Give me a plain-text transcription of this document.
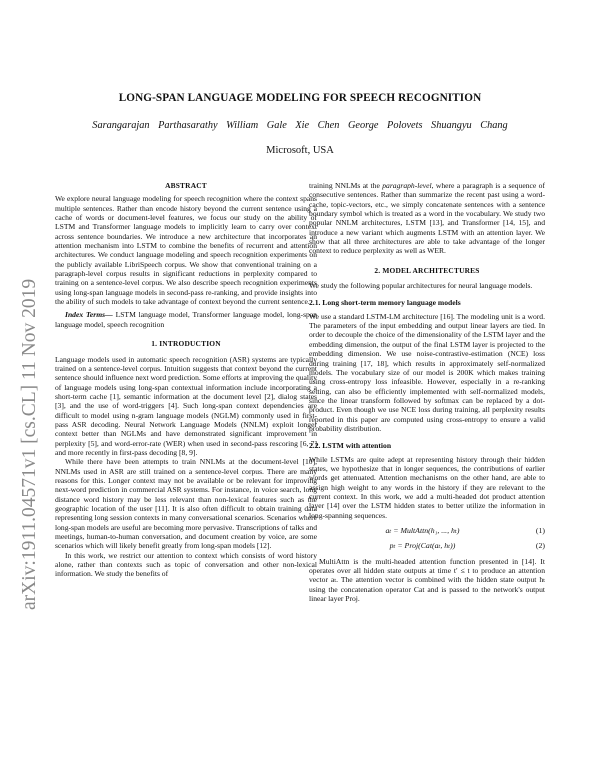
arXiv:1911.04571v1 [cs.CL] 11 Nov 2019
LONG-SPAN LANGUAGE MODELING FOR SPEECH RECOGNITION
Sarangarajan Parthasarathy William Gale Xie Chen George Polovets Shuangyu Chang
Microsoft, USA
ABSTRACT

We explore neural language modeling for speech recognition where the context spans multiple sentences. Rather than encode history beyond the current sentence using a cache of words or document-level features, we focus our study on the ability of LSTM and Transformer language models to implicitly learn to carry over context across sentence boundaries. We introduce a new architecture that incorporates an attention mechanism into LSTM to combine the benefits of recurrent and attention architectures. We conduct language modeling and speech recognition experiments on the publicly available LibriSpeech corpus. We show that conventional training on a paragraph-level corpus results in significant reductions in perplexity compared to training on a sentence-level corpus. We also describe speech recognition experiments using long-span language models in second-pass re-ranking, and provide insights into the ability of such models to take advantage of context beyond the current sentence.

Index Terms— LSTM language model, Transformer language model, long-span language model, speech recognition

1. INTRODUCTION

Language models used in automatic speech recognition (ASR) systems are typically trained on a sentence-level corpus. Intuition suggests that context beyond the current sentence should influence next word prediction. Some efforts at improving the quality of language models using long-span contextual information include incorporating a short-term cache [1], semantic information at the document level [2], dialog states [3], and the use of word-triggers [4]. Such long-span context dependencies are difficult to model using n-gram language models (NGLM) commonly used in first-pass ASR decoding. Neural Network Language Models (NNLM) exploit longer context better than NGLMs and have demonstrated significant improvement in perplexity [5], and word-error-rate (WER) when used in second-pass rescoring [6, 7] and more recently in first-pass decoding [8, 9].

While there have been attempts to train NNLMs at the document-level [10], NNLMs used in ASR are still trained on a sentence-level corpus. There are many reasons for this. Longer context may not be available or be relevant for improving next-word prediction in commercial ASR systems. For instance, in voice search, long distance word history may be less relevant than non-lexical features such as the geographic location of the user [11]. It is also often difficult to obtain training data representing long session contexts in many conversational scenarios. Scenarios where long-span models are useful are becoming more pervasive. Transcriptions of talks and meetings, human-to-human conversation, and document creation by voice, are some scenarios which will likely benefit greatly from long-span models [12].

In this work, we restrict our attention to context which consists of word history alone, rather than contexts such as topic of conversation and other non-lexical information. We study the benefits of

training NNLMs at the paragraph-level, where a paragraph is a sequence of consecutive sentences. Rather than summarize the recent past using a word-cache, topic-vectors, etc., we simply concatenate sentences with a sentence boundary symbol which is treated as a word in the vocabulary. We study two popular NNLM architectures, LSTM [13], and Transformer [14, 15], and introduce a new variant which augments LSTM with an attention layer. We show that all three architectures are able to take advantage of the longer context to reduce perplexity as well as WER.

2. MODEL ARCHITECTURES

We study the following popular architectures for neural language models.

2.1. Long short-term memory language models

We use a standard LSTM-LM architecture [16]. The modeling unit is a word. The parameters of the input embedding and output linear layers are tied. In order to decouple the choice of the dimensionality of the LSTM layer and the embedding dimension, the output of the final LSTM layer is projected to the embedding dimension. We use noise-contrastive-estimation (NCE) loss during training [17, 18], which results in approximately self-normalized models. The vocabulary size of our model is 200K which makes training using cross-entropy loss infeasible. However, especially in a re-ranking setting, can also be efficiently implemented with self-normalized models, since the linear transform followed by softmax can be replaced by a dot-product. Even though we use NCE loss during training, all perplexity results reported in this paper are computed using cross-entropy to ensure a valid probability distribution.

2.2. LSTM with attention

While LSTMs are quite adept at representing history through their hidden states, we hypothesize that in longer sequences, the contributions of earlier words get attenuated. Attention mechanisms on the other hand, are able to assign high weight to any words in the history if they are relevant to the current context. In this work, we add a multi-headed dot product attention layer [14] over the LSTM hidden states to better utilize the information in long-spanning sequences.

aₜ = MultAttn(h₁, ..., hₜ)	(1)
pₜ = Proj(Cat(aₜ, hₜ))	(2)

MultiAttn is the multi-headed attention function presented in [14]. It operates over all hidden state outputs at time t′ ≤ t to produce an attention vector aₜ. The attention vector is combined with the hidden state output hₜ using the concatenation operator Cat and is passed to the network's output linear layer Proj.
